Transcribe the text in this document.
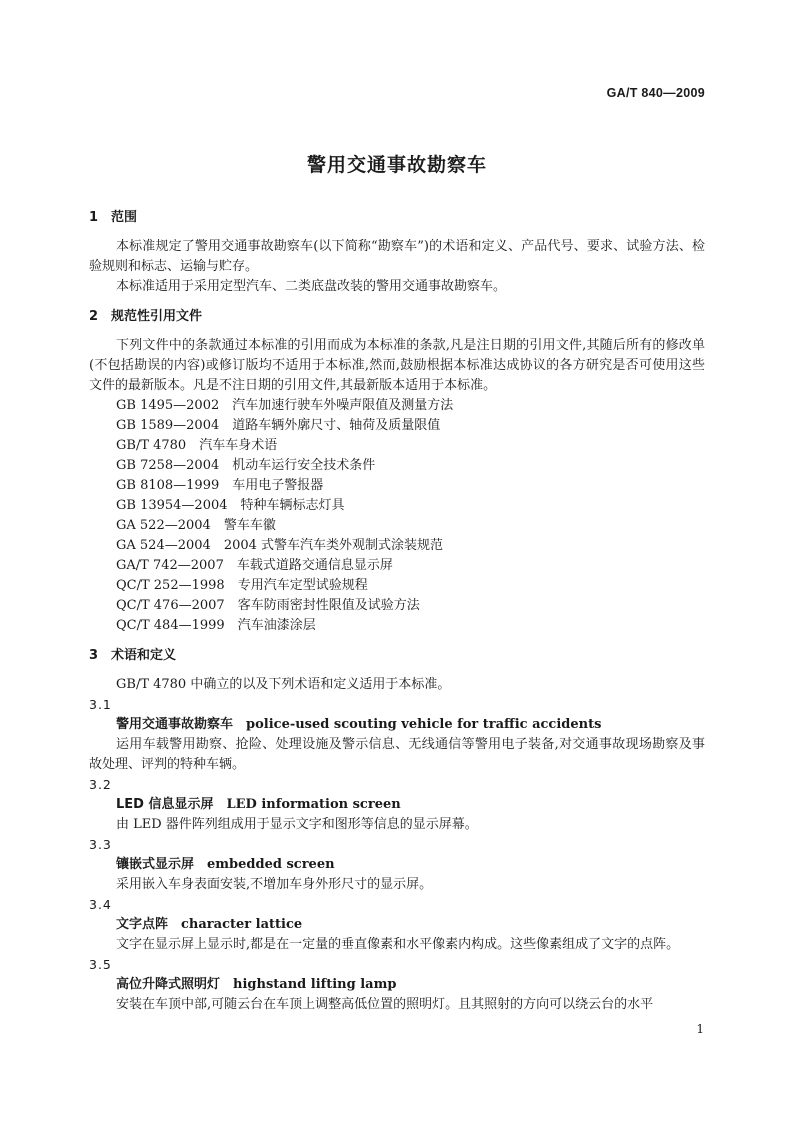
GA/T 840—2009
警用交通事故勘察车
1 范围

本标准规定了警用交通事故勘察车(以下简称“勘察车”)的术语和定义、产品代号、要求、试验方法、检验规则和标志、运输与贮存。

本标准适用于采用定型汽车、二类底盘改装的警用交通事故勘察车。

2 规范性引用文件

下列文件中的条款通过本标准的引用而成为本标准的条款,凡是注日期的引用文件,其随后所有的修改单(不包括勘误的内容)或修订版均不适用于本标准,然而,鼓励根据本标准达成协议的各方研究是否可使用这些文件的最新版本。凡是不注日期的引用文件,其最新版本适用于本标准。

GB 1495—2002 汽车加速行驶车外噪声限值及测量方法
GB 1589—2004 道路车辆外廓尺寸、轴荷及质量限值
GB/T 4780 汽车车身术语
GB 7258—2004 机动车运行安全技术条件
GB 8108—1999 车用电子警报器
GB 13954—2004 特种车辆标志灯具
GA 522—2004 警车车徽
GA 524—2004 2004 式警车汽车类外观制式涂装规范
GA/T 742—2007 车载式道路交通信息显示屏
QC/T 252—1998 专用汽车定型试验规程
QC/T 476—2007 客车防雨密封性限值及试验方法
QC/T 484—1999 汽车油漆涂层
3 术语和定义

GB/T 4780 中确立的以及下列术语和定义适用于本标准。

3.1
警用交通事故勘察车 police-used scouting vehicle for traffic accidents

运用车载警用勘察、抢险、处理设施及警示信息、无线通信等警用电子装备,对交通事故现场勘察及事故处理、评判的特种车辆。

3.2
LED 信息显示屏 LED information screen

由 LED 器件阵列组成用于显示文字和图形等信息的显示屏幕。

3.3
镶嵌式显示屏 embedded screen

采用嵌入车身表面安装,不增加车身外形尺寸的显示屏。

3.4
文字点阵 character lattice

文字在显示屏上显示时,都是在一定量的垂直像素和水平像素内构成。这些像素组成了文字的点阵。

3.5
高位升降式照明灯 highstand lifting lamp

安装在车顶中部,可随云台在车顶上调整高低位置的照明灯。且其照射的方向可以绕云台的水平

1
